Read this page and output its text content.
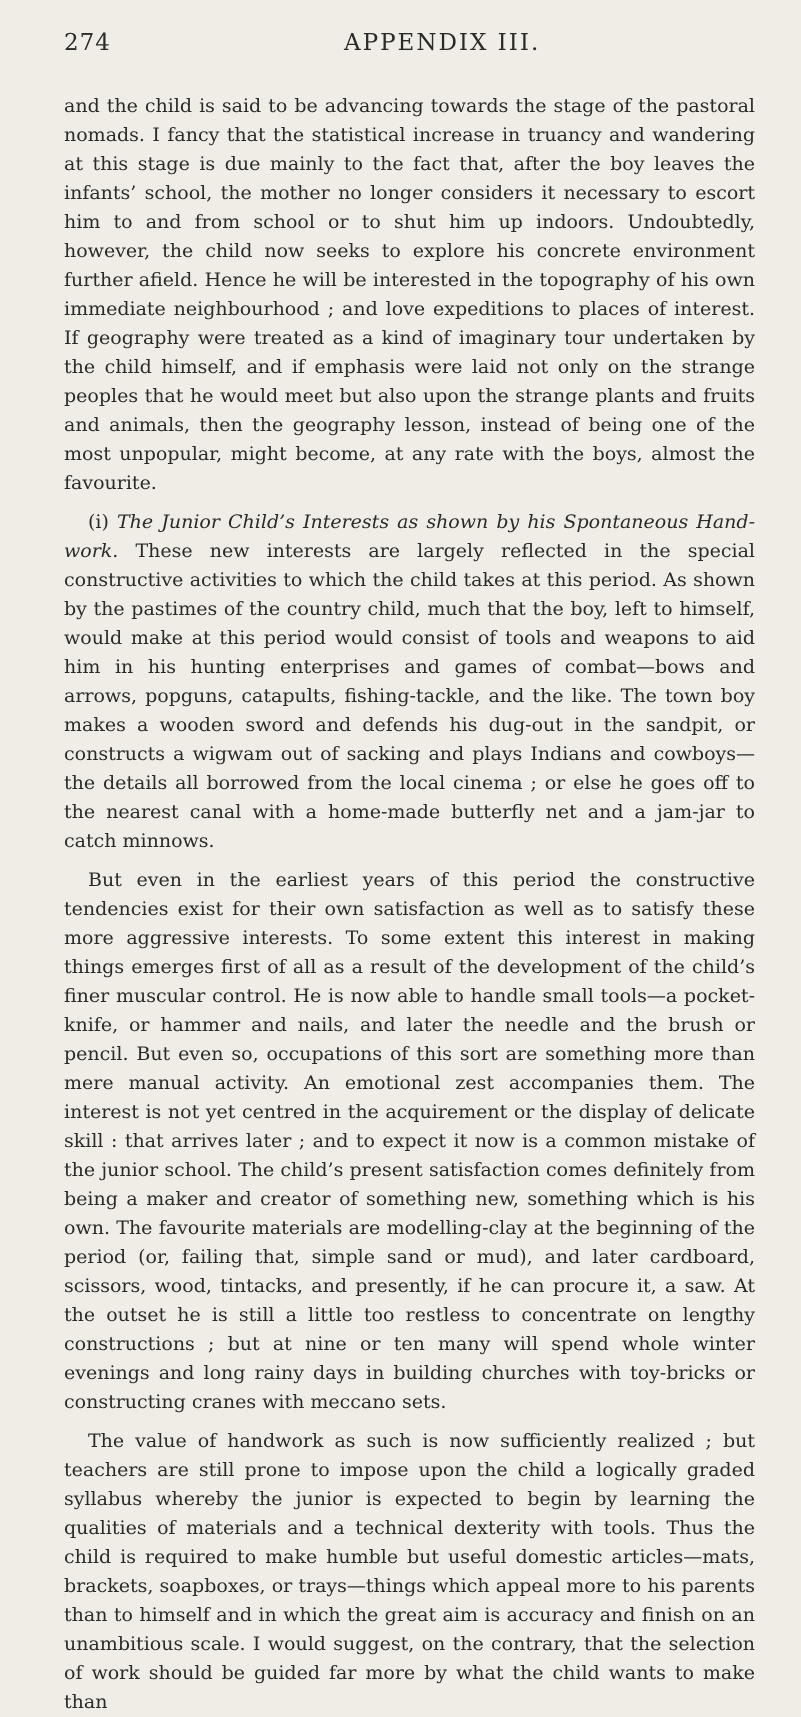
274	APPENDIX III.

and the child is said to be advancing towards the stage of the pastoral nomads. I fancy that the statistical increase in truancy and wandering at this stage is due mainly to the fact that, after the boy leaves the infants’ school, the mother no longer considers it necessary to escort him to and from school or to shut him up indoors. Undoubtedly, however, the child now seeks to explore his concrete environment further afield. Hence he will be interested in the topography of his own immediate neighbourhood ; and love expeditions to places of interest. If geography were treated as a kind of imaginary tour undertaken by the child himself, and if emphasis were laid not only on the strange peoples that he would meet but also upon the strange plants and fruits and animals, then the geography lesson, instead of being one of the most unpopular, might become, at any rate with the boys, almost the favourite.

(i) The Junior Child’s Interests as shown by his Spontaneous Hand-work. These new interests are largely reflected in the special constructive activities to which the child takes at this period. As shown by the pastimes of the country child, much that the boy, left to himself, would make at this period would consist of tools and weapons to aid him in his hunting enterprises and games of combat—bows and arrows, popguns, catapults, fishing-tackle, and the like. The town boy makes a wooden sword and defends his dug-out in the sandpit, or constructs a wigwam out of sacking and plays Indians and cowboys—the details all borrowed from the local cinema ; or else he goes off to the nearest canal with a home-made butterfly net and a jam-jar to catch minnows.

But even in the earliest years of this period the constructive tendencies exist for their own satisfaction as well as to satisfy these more aggressive interests. To some extent this interest in making things emerges first of all as a result of the development of the child’s finer muscular control. He is now able to handle small tools—a pocket-knife, or hammer and nails, and later the needle and the brush or pencil. But even so, occupations of this sort are something more than mere manual activity. An emotional zest accompanies them. The interest is not yet centred in the acquirement or the display of delicate skill : that arrives later ; and to expect it now is a common mistake of the junior school. The child’s present satisfaction comes definitely from being a maker and creator of something new, something which is his own. The favourite materials are modelling-clay at the beginning of the period (or, failing that, simple sand or mud), and later cardboard, scissors, wood, tintacks, and presently, if he can procure it, a saw. At the outset he is still a little too restless to concentrate on lengthy constructions ; but at nine or ten many will spend whole winter evenings and long rainy days in building churches with toy-bricks or constructing cranes with meccano sets.

The value of handwork as such is now sufficiently realized ; but teachers are still prone to impose upon the child a logically graded syllabus whereby the junior is expected to begin by learning the qualities of materials and a technical dexterity with tools. Thus the child is required to make humble but useful domestic articles—mats, brackets, soapboxes, or trays—things which appeal more to his parents than to himself and in which the great aim is accuracy and finish on an unambitious scale. I would suggest, on the contrary, that the selection of work should be guided far more by what the child wants to make than
